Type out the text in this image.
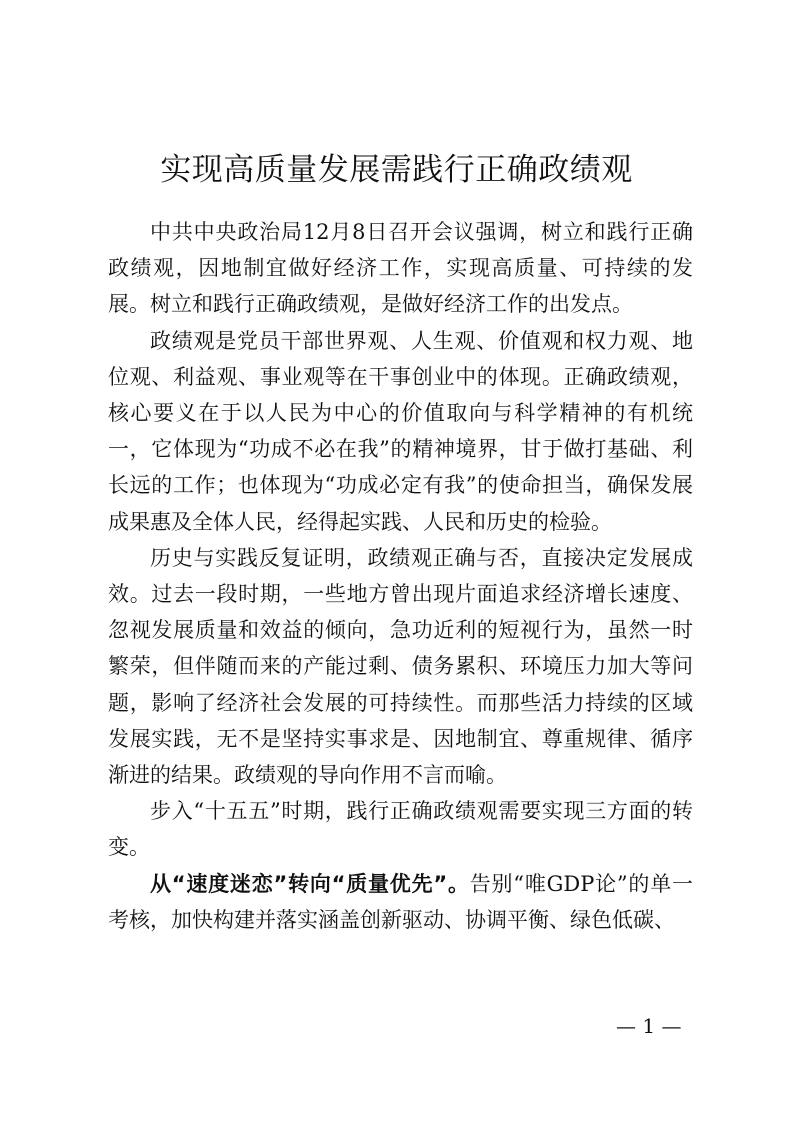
实现高质量发展需践行正确政绩观

中共中央政治局12月8日召开会议强调，树立和践行正确政绩观，因地制宜做好经济工作，实现高质量、可持续的发展。树立和践行正确政绩观，是做好经济工作的出发点。

政绩观是党员干部世界观、人生观、价值观和权力观、地位观、利益观、事业观等在干事创业中的体现。正确政绩观，核心要义在于以人民为中心的价值取向与科学精神的有机统一，它体现为“功成不必在我”的精神境界，甘于做打基础、利长远的工作；也体现为“功成必定有我”的使命担当，确保发展成果惠及全体人民，经得起实践、人民和历史的检验。

历史与实践反复证明，政绩观正确与否，直接决定发展成效。过去一段时期，一些地方曾出现片面追求经济增长速度、忽视发展质量和效益的倾向，急功近利的短视行为，虽然一时繁荣，但伴随而来的产能过剩、债务累积、环境压力加大等问题，影响了经济社会发展的可持续性。而那些活力持续的区域发展实践，无不是坚持实事求是、因地制宜、尊重规律、循序渐进的结果。政绩观的导向作用不言而喻。

步入“十五五”时期，践行正确政绩观需要实现三方面的转变。

从“速度迷恋”转向“质量优先”。告别“唯GDP论”的单一考核，加快构建并落实涵盖创新驱动、协调平衡、绿色低碳、

— 1 —
